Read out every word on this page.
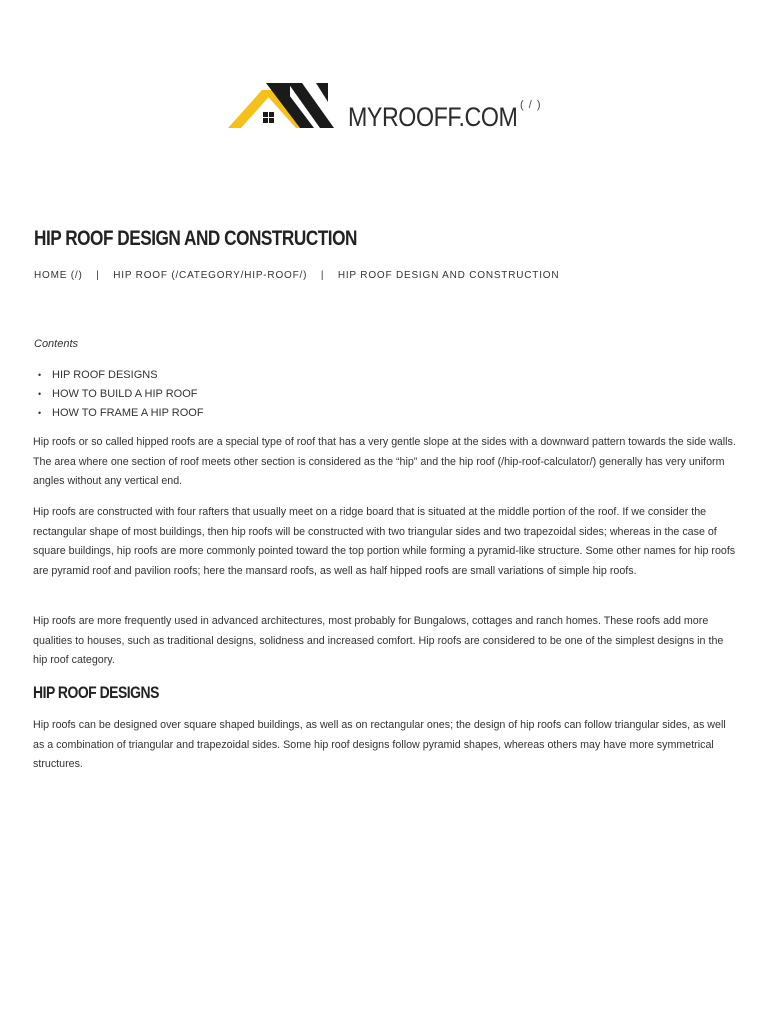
MYROOFF.COM ( / )
HIP ROOF DESIGN AND CONSTRUCTION
HOME (/) | HIP ROOF (/CATEGORY/HIP-ROOF/) | HIP ROOF DESIGN AND CONSTRUCTION
Contents
• HIP ROOF DESIGNS
• HOW TO BUILD A HIP ROOF
• HOW TO FRAME A HIP ROOF

Hip roofs or so called hipped roofs are a special type of roof that has a very gentle slope at the sides with a downward pattern towards the side walls. The area where one section of roof meets other section is considered as the “hip” and the hip roof (/hip-roof-calculator/) generally has very uniform angles without any vertical end.

Hip roofs are constructed with four rafters that usually meet on a ridge board that is situated at the middle portion of the roof. If we consider the rectangular shape of most buildings, then hip roofs will be constructed with two triangular sides and two trapezoidal sides; whereas in the case of square buildings, hip roofs are more commonly pointed toward the top portion while forming a pyramid-like structure. Some other names for hip roofs are pyramid roof and pavilion roofs; here the mansard roofs, as well as half hipped roofs are small variations of simple hip roofs.

Hip roofs are more frequently used in advanced architectures, most probably for Bungalows, cottages and ranch homes. These roofs add more qualities to houses, such as traditional designs, solidness and increased comfort. Hip roofs are considered to be one of the simplest designs in the hip roof category.

HIP ROOF DESIGNS

Hip roofs can be designed over square shaped buildings, as well as on rectangular ones; the design of hip roofs can follow triangular sides, as well as a combination of triangular and trapezoidal sides. Some hip roof designs follow pyramid shapes, whereas others may have more symmetrical structures.
